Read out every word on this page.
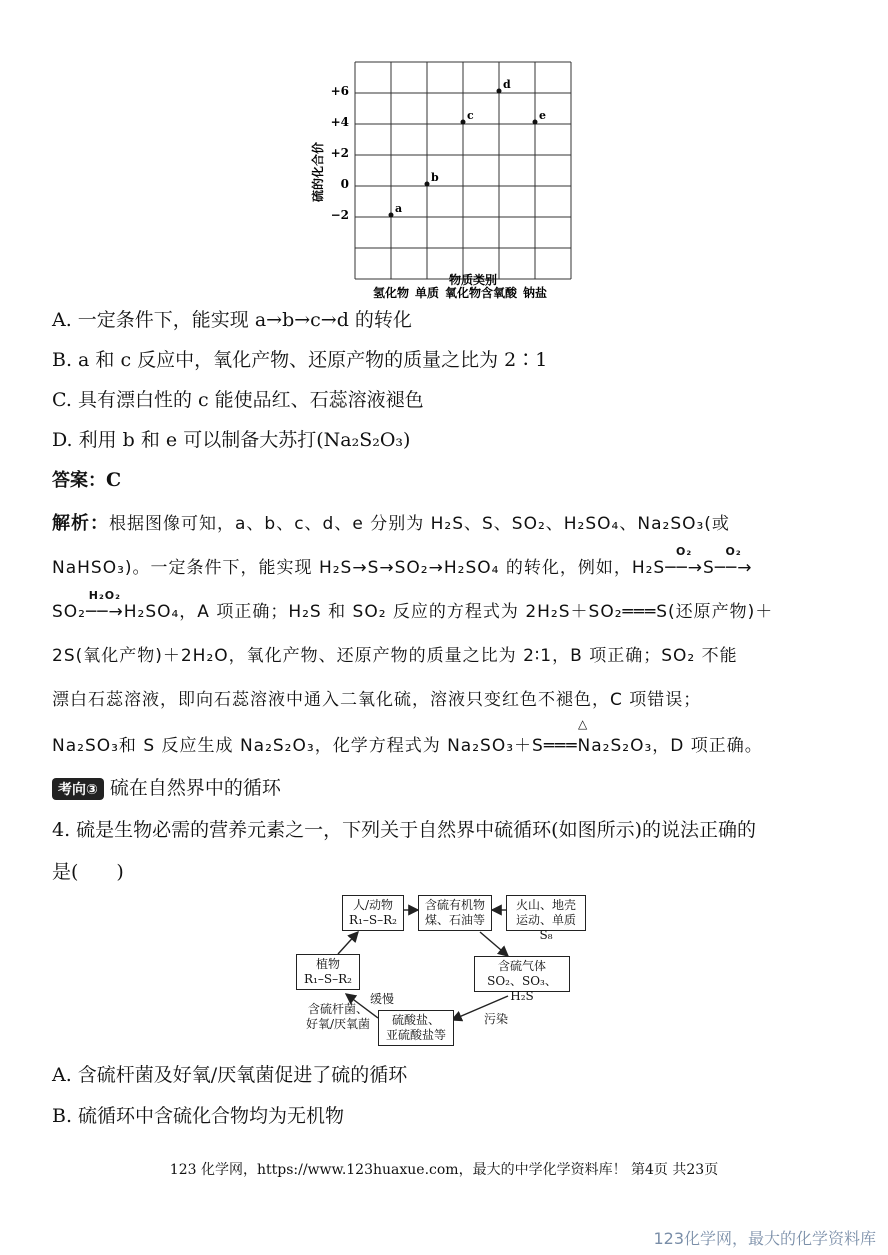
+6
+4
+2
0
−2
氢化物 单质 氧化物 含氧酸 钠盐
a
b
c
d
e
硫的化合价
物质类别
A. 一定条件下，能实现 a→b→c→d 的转化
B. a 和 c 反应中，氧化产物、还原产物的质量之比为 2∶1
C. 具有漂白性的 c 能使品红、石蕊溶液褪色
D. 利用 b 和 e 可以制备大苏打(Na₂S₂O₃)
答案：C
解析：根据图像可知，a、b、c、d、e 分别为 H₂S、S、SO₂、H₂SO₄、Na₂SO₃(或
NaHSO₃)。一定条件下，能实现 H₂S→S→SO₂→H₂SO₄ 的转化，例如，H₂S
O₂
──→S
O₂
──→
SO₂
H₂O₂
──→H₂SO₄，A 项正确；H₂S 和 SO₂ 反应的方程式为 2H₂S＋SO₂═══S(还原产物)＋
2S(氧化产物)＋2H₂O，氧化产物、还原产物的质量之比为 2∶1，B 项正确；SO₂ 不能
漂白石蕊溶液，即向石蕊溶液中通入二氧化硫，溶液只变红色不褪色，C 项错误；
Na₂SO₃和 S 反应生成 Na₂S₂O₃，化学方程式为 Na₂SO₃＋S═══Na₂S₂O₃，D 项正确。
△
考向③ 硫在自然界中的循环
4. 硫是生物必需的营养元素之一，下列关于自然界中硫循环(如图所示)的说法正确的
是(　　)
人/动物
R₁–S–R₂
含硫有机物
煤、石油等
火山、地壳
运动、单质S₈
植物
R₁–S–R₂
含硫气体
SO₂、SO₃、H₂S
硫酸盐、
亚硫酸盐等
缓慢
含硫杆菌、
好氧/厌氧菌	污染
A. 含硫杆菌及好氧/厌氧菌促进了硫的循环
B. 硫循环中含硫化合物均为无机物
123 化学网，https://www.123huaxue.com，最大的中学化学资料库！ 第4页 共23页
123化学网，最大的化学资料库
